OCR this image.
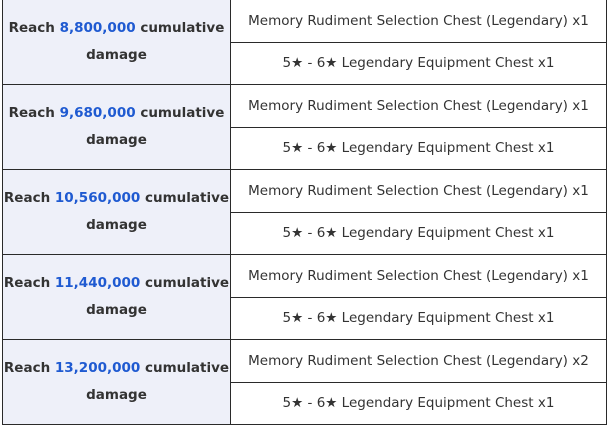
Reach 8,800,000 cumulative
damage	Memory Rudiment Selection Chest (Legendary) x1
	5★ - 6★ Legendary Equipment Chest x1
Reach 9,680,000 cumulative
damage	Memory Rudiment Selection Chest (Legendary) x1
	5★ - 6★ Legendary Equipment Chest x1
Reach 10,560,000 cumulative
damage	Memory Rudiment Selection Chest (Legendary) x1
	5★ - 6★ Legendary Equipment Chest x1
Reach 11,440,000 cumulative
damage	Memory Rudiment Selection Chest (Legendary) x1
	5★ - 6★ Legendary Equipment Chest x1
Reach 13,200,000 cumulative
damage	Memory Rudiment Selection Chest (Legendary) x2
	5★ - 6★ Legendary Equipment Chest x1
